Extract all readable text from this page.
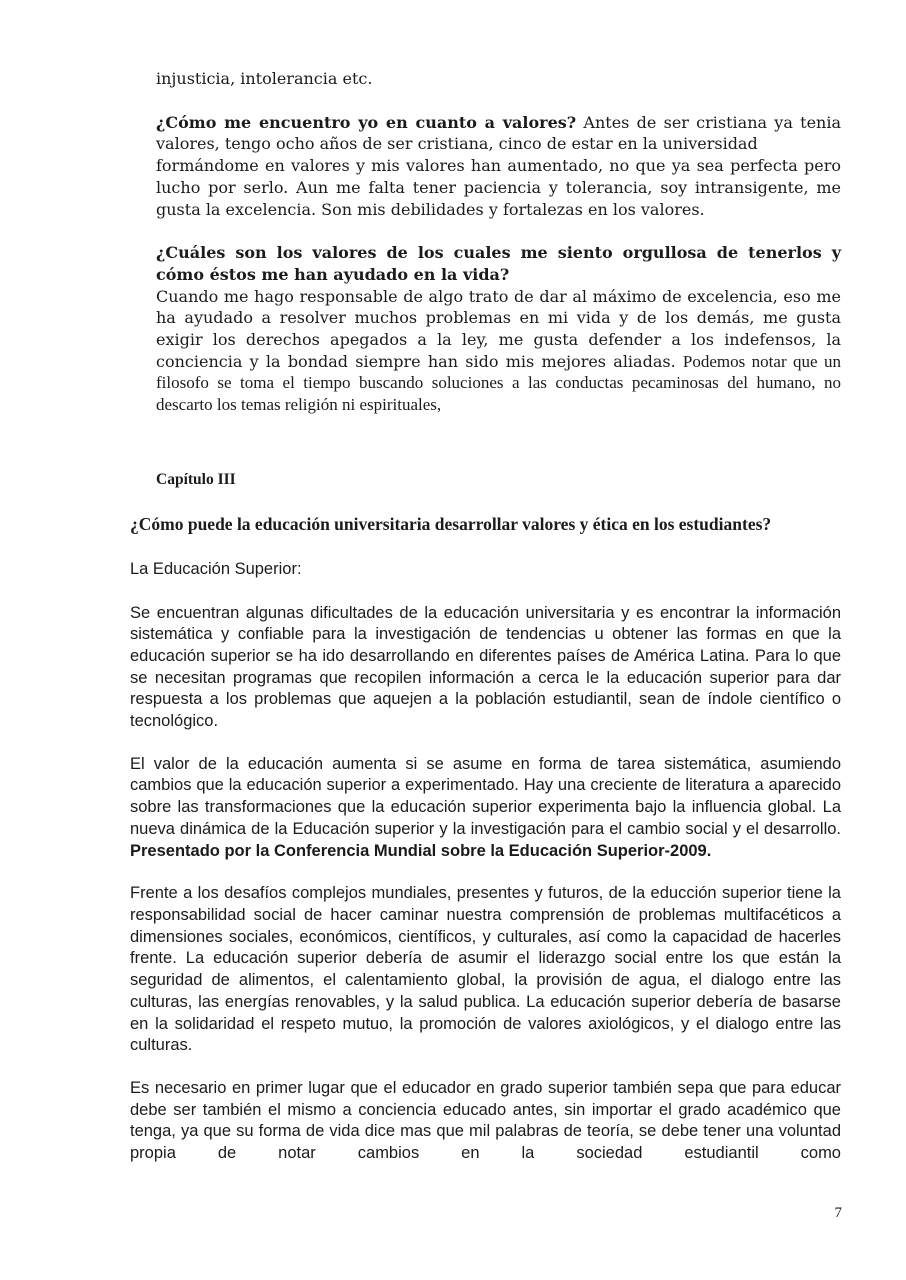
injusticia, intolerancia etc.

¿Cómo me encuentro yo en cuanto a valores? Antes de ser cristiana ya tenia valores, tengo ocho años de ser cristiana, cinco de estar en la universidad
formándome en valores y mis valores han aumentado, no que ya sea perfecta pero lucho por serlo. Aun me falta tener paciencia y tolerancia, soy intransigente, me gusta la excelencia. Son mis debilidades y fortalezas en los valores.

¿Cuáles son los valores de los cuales me siento orgullosa de tenerlos y cómo éstos me han ayudado en la vida?
Cuando me hago responsable de algo trato de dar al máximo de excelencia, eso me ha ayudado a resolver muchos problemas en mi vida y de los demás, me gusta exigir los derechos apegados a la ley, me gusta defender a los indefensos, la conciencia y la bondad siempre han sido mis mejores aliadas. Podemos notar que un filosofo se toma el tiempo buscando soluciones a las conductas pecaminosas del humano, no descarto los temas religión ni espirituales,

Capítulo III

¿Cómo puede la educación universitaria desarrollar valores y ética en los estudiantes?

La Educación Superior:

Se encuentran algunas dificultades de la educación universitaria y es encontrar la información sistemática y confiable para la investigación de tendencias u obtener las formas en que la educación superior se ha ido desarrollando en diferentes países de América Latina. Para lo que se necesitan programas que recopilen información a cerca le la educación superior para dar respuesta a los problemas que aquejen a la población estudiantil, sean de índole científico o tecnológico.

El valor de la educación aumenta si se asume en forma de tarea sistemática, asumiendo cambios que la educación superior a experimentado. Hay una creciente de literatura a aparecido sobre las transformaciones que la educación superior experimenta bajo la influencia global. La nueva dinámica de la Educación superior y la investigación para el cambio social y el desarrollo. Presentado por la Conferencia Mundial sobre la Educación Superior-2009.

Frente a los desafíos complejos mundiales, presentes y futuros, de la educción superior tiene la responsabilidad social de hacer caminar nuestra comprensión de problemas multifacéticos a dimensiones sociales, económicos, científicos, y culturales, así como la capacidad de hacerles frente. La educación superior debería de asumir el liderazgo social entre los que están la seguridad de alimentos, el calentamiento global, la provisión de agua, el dialogo entre las culturas, las energías renovables, y la salud publica. La educación superior debería de basarse en la solidaridad el respeto mutuo, la promoción de valores axiológicos, y el dialogo entre las culturas.

Es necesario en primer lugar que el educador en grado superior también sepa que para educar debe ser también el mismo a conciencia educado antes, sin importar el grado académico que tenga, ya que su forma de vida dice mas que mil palabras de teoría, se debe tener una voluntad propia de notar cambios en la sociedad estudiantil como

7
